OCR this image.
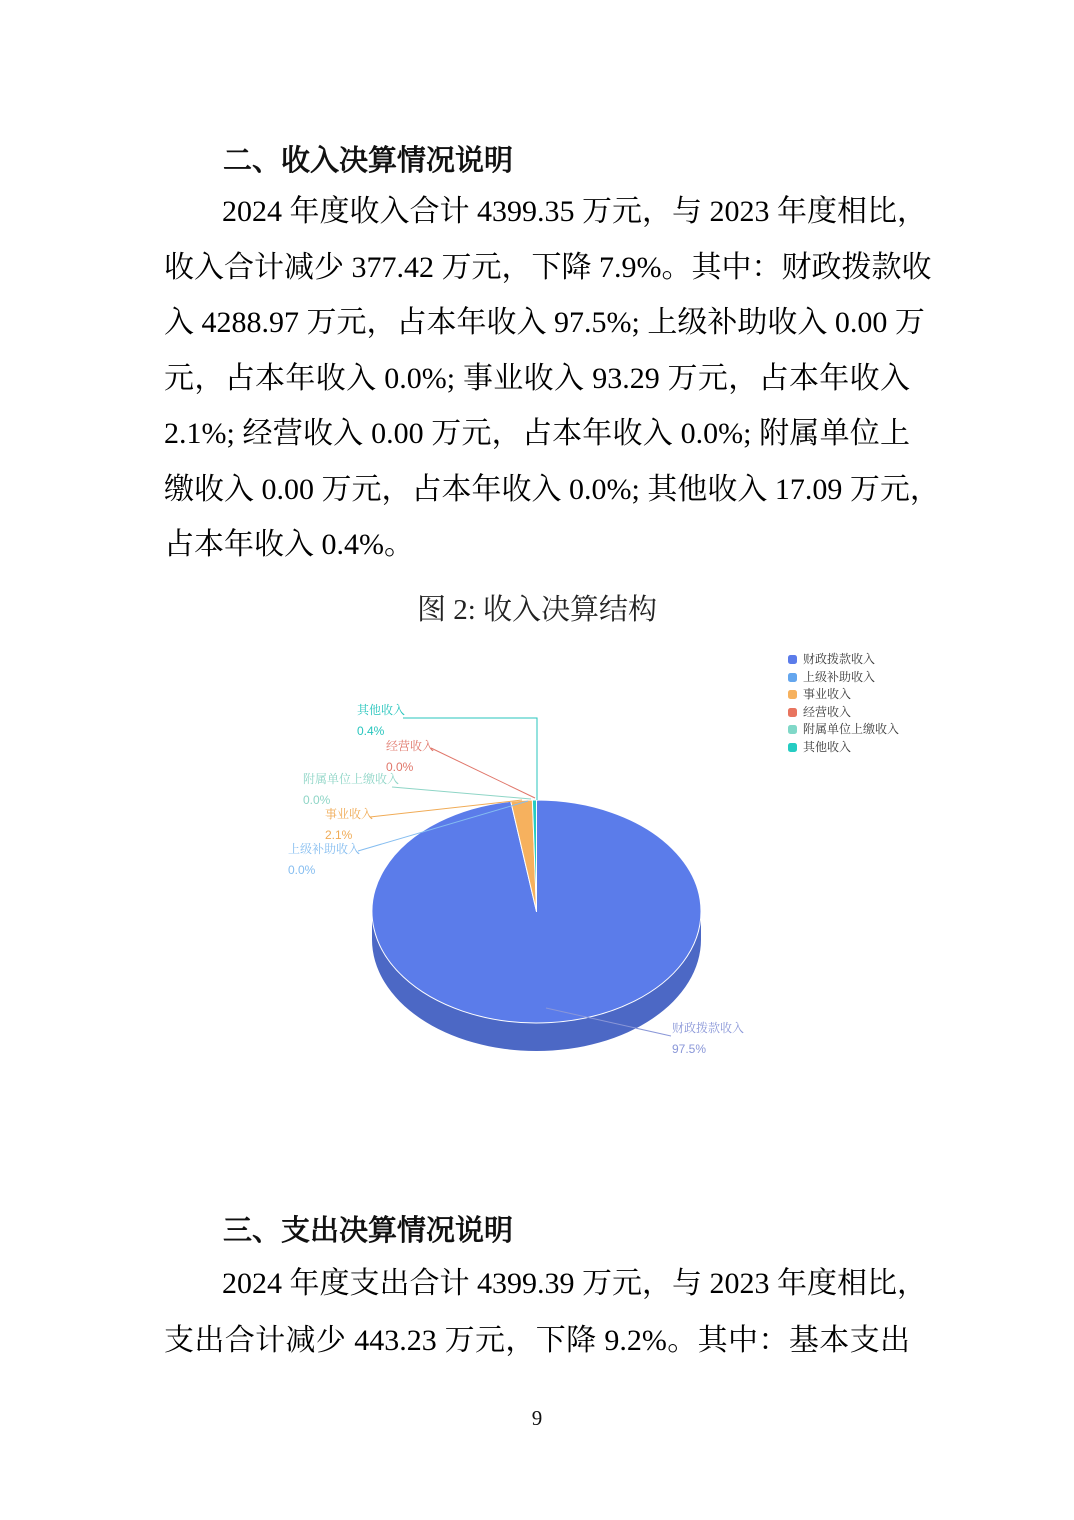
二、收入决算情况说明
2024 年度收入合计 4399.35 万元，与 2023 年度相比，
收入合计减少 377.42 万元，下降 7.9%。其中：财政拨款收
入 4288.97 万元，占本年收入 97.5%; 上级补助收入 0.00 万
元，占本年收入 0.0%; 事业收入 93.29 万元，占本年收入
2.1%; 经营收入 0.00 万元，占本年收入 0.0%; 附属单位上
缴收入 0.00 万元，占本年收入 0.0%; 其他收入 17.09 万元，
占本年收入 0.4%。
图 2: 收入决算结构
其他收入
0.4%
经营收入
0.0%
附属单位上缴收入
0.0%
事业收入
2.1%
上级补助收入
0.0%
财政拨款收入
97.5%
财政拨款收入
上级补助收入
事业收入
经营收入
附属单位上缴收入
其他收入
三、支出决算情况说明
2024 年度支出合计 4399.39 万元，与 2023 年度相比，
支出合计减少 443.23 万元，下降 9.2%。其中：基本支出
9
